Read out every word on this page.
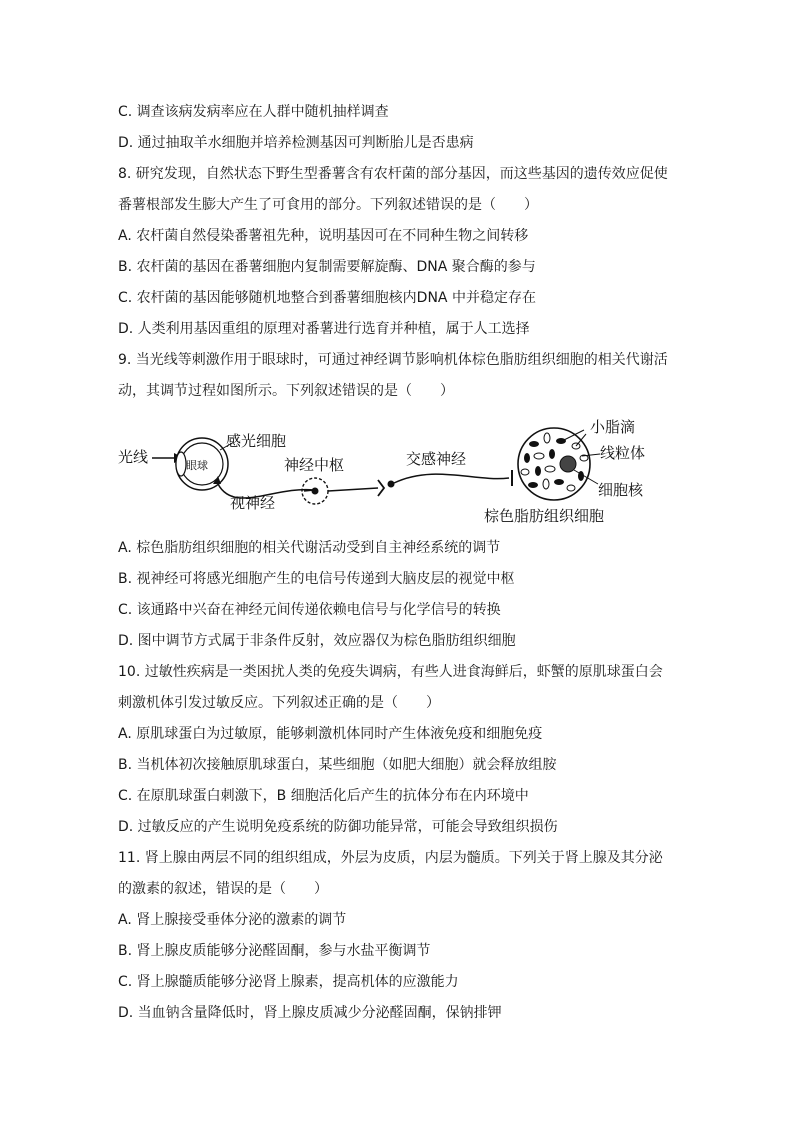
C. 调查该病发病率应在人群中随机抽样调查
D. 通过抽取羊水细胞并培养检测基因可判断胎儿是否患病
8. 研究发现，自然状态下野生型番薯含有农杆菌的部分基因，而这些基因的遗传效应促使
番薯根部发生膨大产生了可食用的部分。下列叙述错误的是（　　）
A. 农杆菌自然侵染番薯祖先种，说明基因可在不同种生物之间转移
B. 农杆菌的基因在番薯细胞内复制需要解旋酶、DNA 聚合酶的参与
C. 农杆菌的基因能够随机地整合到番薯细胞核内DNA 中并稳定存在
D. 人类利用基因重组的原理对番薯进行选育并种植，属于人工选择
9. 当光线等刺激作用于眼球时，可通过神经调节影响机体棕色脂肪组织细胞的相关代谢活
动，其调节过程如图所示。下列叙述错误的是（　　）
光线	眼球
感光细胞
视神经
神经中枢	交感神经
小脂滴
线粒体
细胞核
棕色脂肪组织细胞
A. 棕色脂肪组织细胞的相关代谢活动受到自主神经系统的调节
B. 视神经可将感光细胞产生的电信号传递到大脑皮层的视觉中枢
C. 该通路中兴奋在神经元间传递依赖电信号与化学信号的转换
D. 图中调节方式属于非条件反射，效应器仅为棕色脂肪组织细胞
10. 过敏性疾病是一类困扰人类的免疫失调病，有些人进食海鲜后，虾蟹的原肌球蛋白会
刺激机体引发过敏反应。下列叙述正确的是（　　）
A. 原肌球蛋白为过敏原，能够刺激机体同时产生体液免疫和细胞免疫
B. 当机体初次接触原肌球蛋白，某些细胞（如肥大细胞）就会释放组胺
C. 在原肌球蛋白刺激下，B 细胞活化后产生的抗体分布在内环境中
D. 过敏反应的产生说明免疫系统的防御功能异常，可能会导致组织损伤
11. 肾上腺由两层不同的组织组成，外层为皮质，内层为髓质。下列关于肾上腺及其分泌
的激素的叙述，错误的是（　　）
A. 肾上腺接受垂体分泌的激素的调节
B. 肾上腺皮质能够分泌醛固酮，参与水盐平衡调节
C. 肾上腺髓质能够分泌肾上腺素，提高机体的应激能力
D. 当血钠含量降低时，肾上腺皮质减少分泌醛固酮，保钠排钾
